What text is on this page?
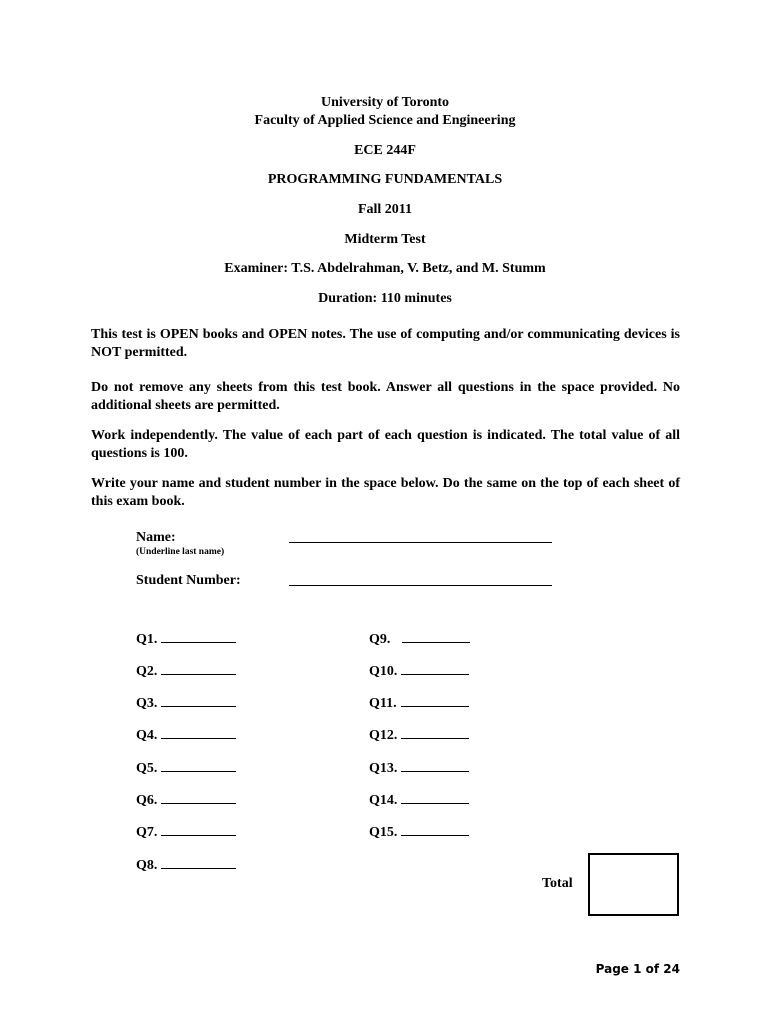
University of Toronto
Faculty of Applied Science and Engineering
ECE 244F
PROGRAMMING FUNDAMENTALS
Fall 2011
Midterm Test
Examiner: T.S. Abdelrahman, V. Betz, and M. Stumm
Duration: 110 minutes
This test is OPEN books and OPEN notes. The use of computing and/or communicating devices is NOT permitted.
Do not remove any sheets from this test book. Answer all questions in the space provided. No additional sheets are permitted.
Work independently. The value of each part of each question is indicated. The total value of all questions is 100.
Write your name and student number in the space below. Do the same on the top of each sheet of this exam book.
Name:
(Underline last name)
Student Number:
Q1.
Q2.
Q3.
Q4.
Q5.
Q6.
Q7.
Q8.
Q9.
Q10.
Q11.
Q12.
Q13.
Q14.
Q15.
Total
Page 1 of 24
